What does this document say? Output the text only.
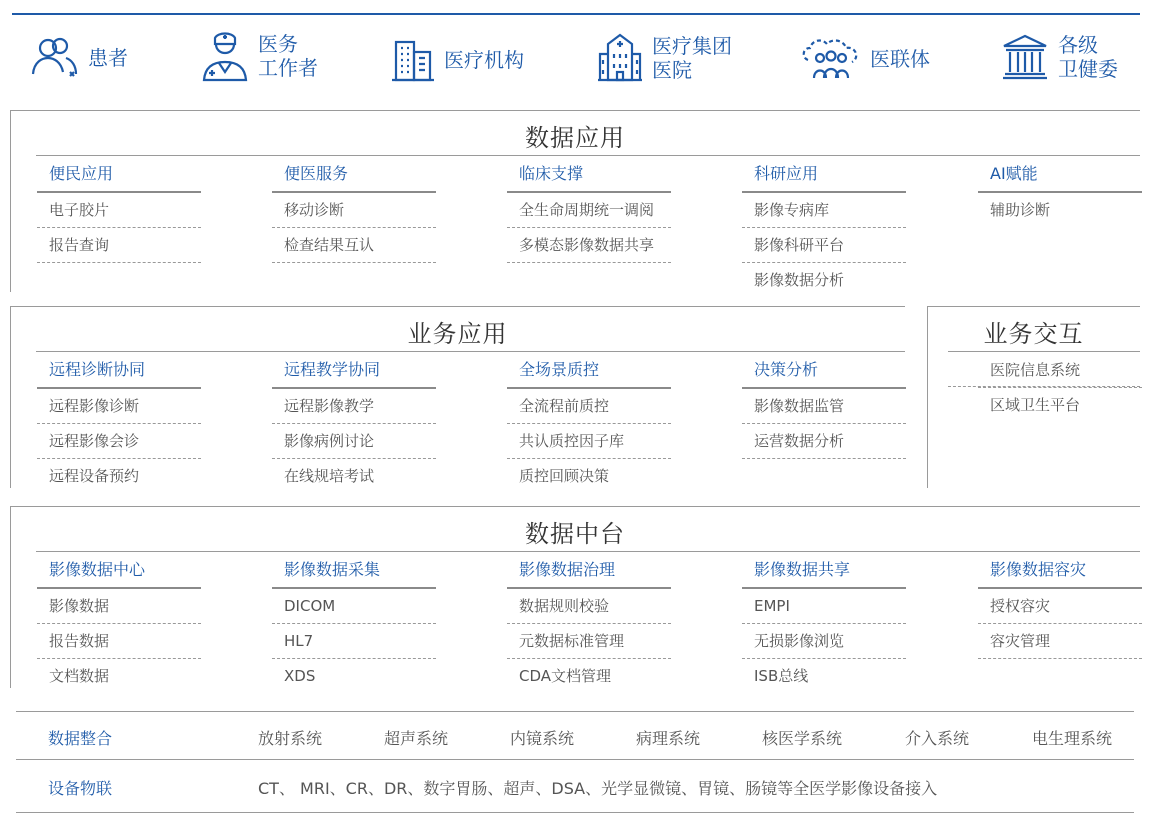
患者
医务
工作者	医疗机构
医疗集团
医院	医联体
各级
卫健委
数据应用
便民应用
电子胶片
报告查询
便医服务
移动诊断
检查结果互认
临床支撑
全生命周期统一调阅
多模态影像数据共享
科研应用
影像专病库
影像科研平台
影像数据分析
AI赋能
辅助诊断
业务应用
远程诊断协同
远程影像诊断
远程影像会诊
远程设备预约
远程教学协同
远程影像教学
影像病例讨论
在线规培考试
全场景质控
全流程前质控
共认质控因子库
质控回顾决策
决策分析
影像数据监管
运营数据分析
业务交互
医院信息系统
区域卫生平台
数据中台
影像数据中心
影像数据
报告数据
文档数据
影像数据采集
DICOM
HL7
XDS
影像数据治理
数据规则校验
元数据标准管理
CDA文档管理
影像数据共享
EMPI
无损影像浏览
ISB总线
影像数据容灾
授权容灾
容灾管理
数据整合	放射系统	超声系统	内镜系统	病理系统	核医学系统	介入系统	电生理系统
设备物联	CT、 MRI、CR、DR、数字胃肠、超声、DSA、光学显微镜、胃镜、肠镜等全医学影像设备接入
